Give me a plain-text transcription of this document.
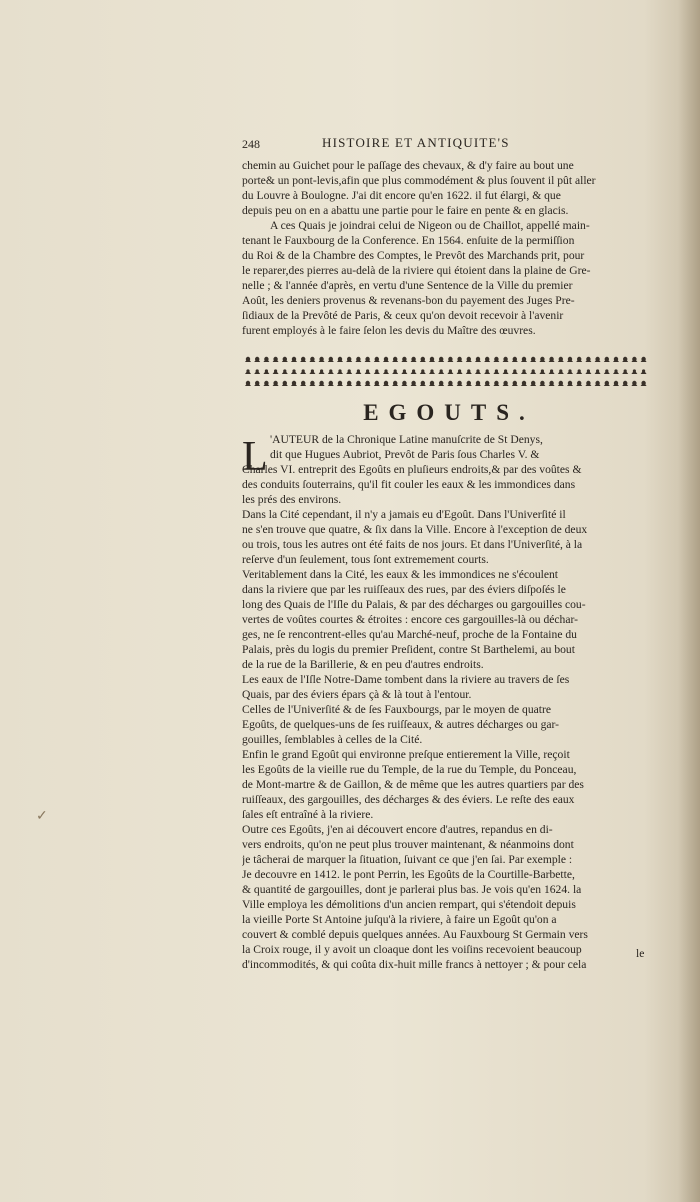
248	HISTOIRE ET ANTIQUITE'S
chemin au Guichet pour le paſſage des chevaux, & d'y faire au bout une
porte& un pont-levis,afin que plus commodément & plus ſouvent il pût aller
du Louvre à Boulogne. J'ai dit encore qu'en 1622. il fut élargi, & que
depuis peu on en a abattu une partie pour le faire en pente & en glacis.
A ces Quais je joindrai celui de Nigeon ou de Chaillot, appellé main-
tenant le Fauxbourg de la Conference. En 1564. enſuite de la permiſſion
du Roi & de la Chambre des Comptes, le Prevôt des Marchands prit, pour
le reparer,des pierres au-delà de la riviere qui étoient dans la plaine de Gre-
nelle ; & l'année d'après, en vertu d'une Sentence de la Ville du premier
Août, les deniers provenus & revenans-bon du payement des Juges Pre-
ſidiaux de la Prevôté de Paris, & ceux qu'on devoit recevoir à l'avenir
furent employés à le faire ſelon les devis du Maître des œuvres.
EGOUTS.
L 'AUTEUR de la Chronique Latine manuſcrite de St Denys,
dit que Hugues Aubriot, Prevôt de Paris ſous Charles V. &
Charles VI. entreprit des Egoûts en pluſieurs endroits,& par des voûtes &
des conduits ſouterrains, qu'il fit couler les eaux & les immondices dans
les prés des environs.
Dans la Cité cependant, il n'y a jamais eu d'Egoût. Dans l'Univerſité il
ne s'en trouve que quatre, & ſix dans la Ville. Encore à l'exception de deux
ou trois, tous les autres ont été faits de nos jours. Et dans l'Univerſité, à la
reſerve d'un ſeulement, tous ſont extremement courts.
Veritablement dans la Cité, les eaux & les immondices ne s'écoulent
dans la riviere que par les ruiſſeaux des rues, par des éviers diſpoſés le
long des Quais de l'Iſle du Palais, & par des décharges ou gargouilles cou-
vertes de voûtes courtes & étroites : encore ces gargouilles-là ou déchar-
ges, ne ſe rencontrent-elles qu'au Marché-neuf, proche de la Fontaine du
Palais, près du logis du premier Preſident, contre St Barthelemi, au bout
de la rue de la Barillerie, & en peu d'autres endroits.
Les eaux de l'Iſle Notre-Dame tombent dans la riviere au travers de ſes
Quais, par des éviers épars çà & là tout à l'entour.
Celles de l'Univerſité & de ſes Fauxbourgs, par le moyen de quatre
Egoûts, de quelques-uns de ſes ruiſſeaux, & autres décharges ou gar-
gouilles, ſemblables à celles de la Cité.
Enfin le grand Egoût qui environne preſque entierement la Ville, reçoit
les Egoûts de la vieille rue du Temple, de la rue du Temple, du Ponceau,
de Mont-martre & de Gaillon, & de même que les autres quartiers par des
ruiſſeaux, des gargouilles, des décharges & des éviers. Le reſte des eaux
ſales eſt entraîné à la riviere.
Outre ces Egoûts, j'en ai découvert encore d'autres, repandus en di-
vers endroits, qu'on ne peut plus trouver maintenant, & néanmoins dont
je tâcherai de marquer la ſituation, ſuivant ce que j'en ſai. Par exemple :
Je decouvre en 1412. le pont Perrin, les Egoûts de la Courtille-Barbette,
& quantité de gargouilles, dont je parlerai plus bas. Je vois qu'en 1624. la
Ville employa les démolitions d'un ancien rempart, qui s'étendoit depuis
la vieille Porte St Antoine juſqu'à la riviere, à faire un Egoût qu'on a
couvert & comblé depuis quelques années. Au Fauxbourg St Germain vers
la Croix rouge, il y avoit un cloaque dont les voiſins recevoient beaucoup
d'incommodités, & qui coûta dix-huit mille francs à nettoyer ; & pour cela
le
✓
